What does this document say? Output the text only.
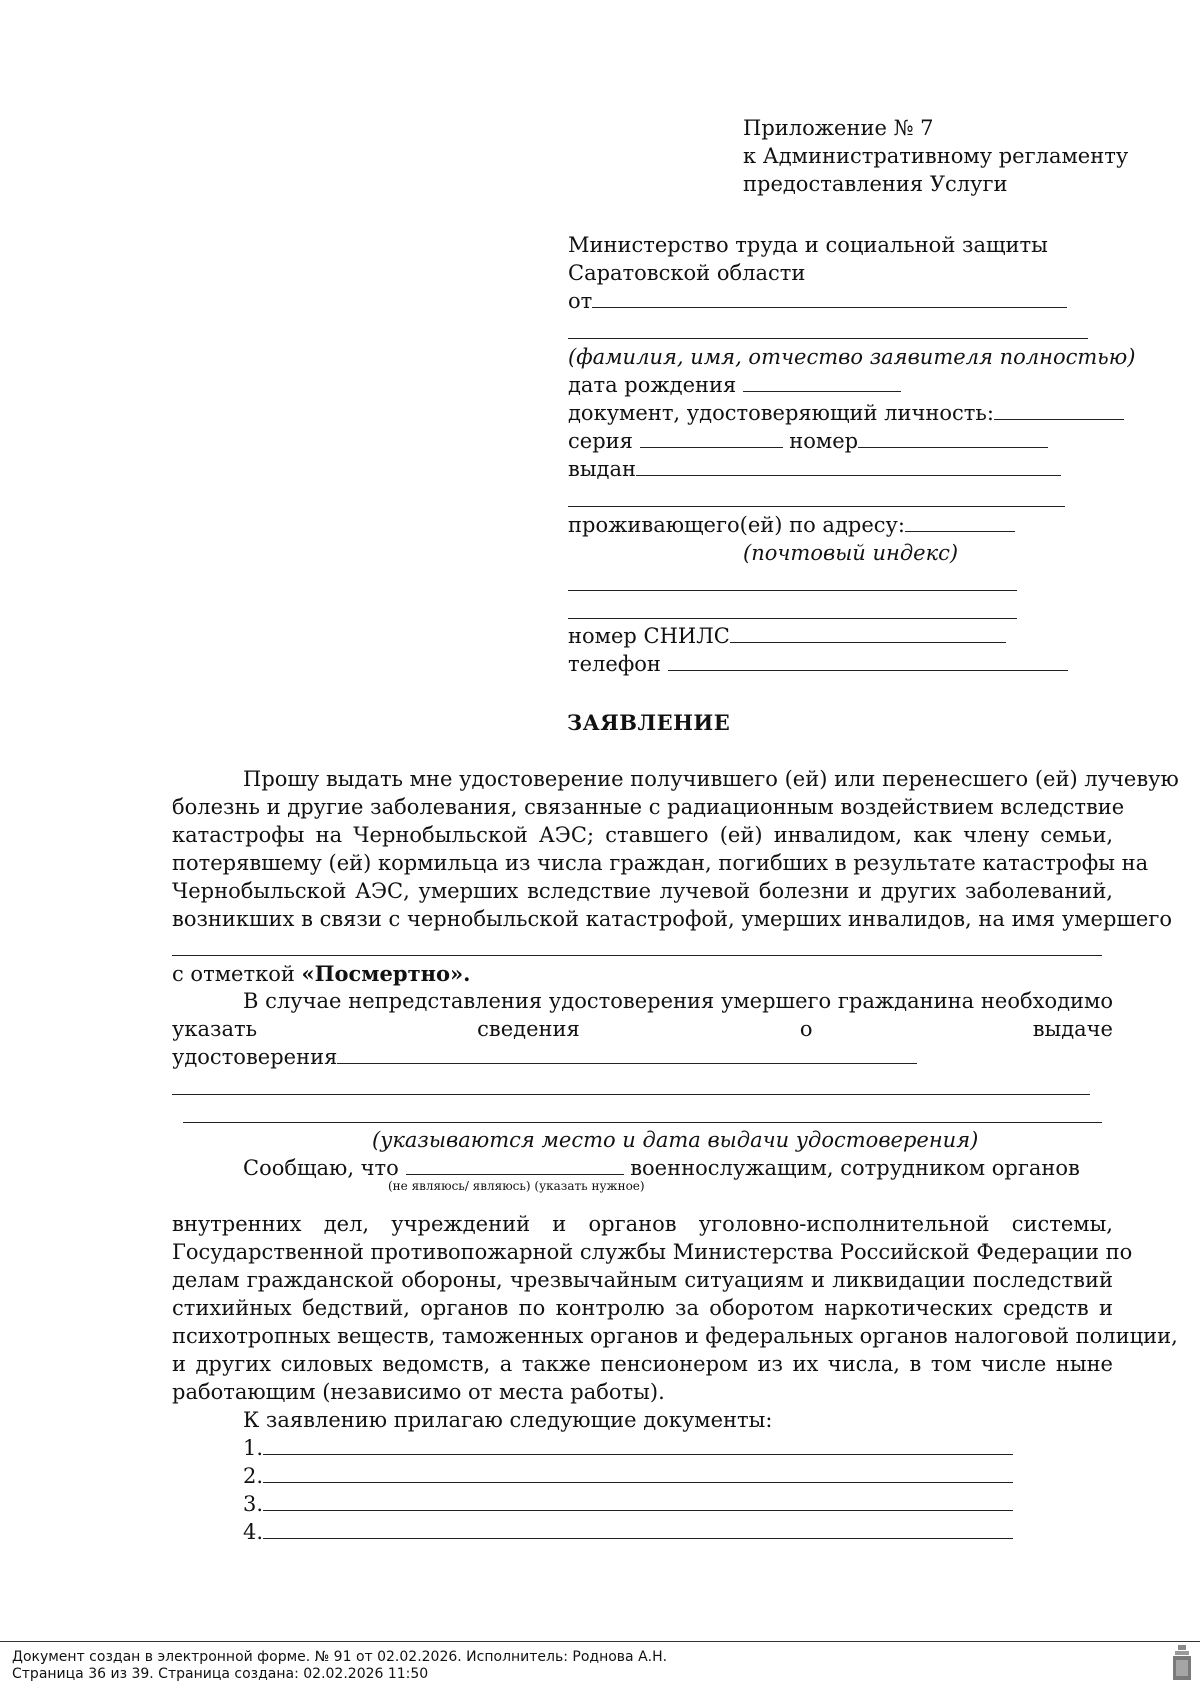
Приложение № 7
к Административному регламенту
предоставления Услуги
Министерство труда и социальной защиты
Саратовской области
от
(фамилия, имя, отчество заявителя полностью)
дата рождения
документ, удостоверяющий личность:
серия	номер
выдан
проживающего(ей) по адресу:
(почтовый индекс)
номер СНИЛС
телефон
ЗАЯВЛЕНИЕ
Прошу выдать мне удостоверение получившего (ей) или перенесшего (ей) лучевую
болезнь и другие заболевания, связанные с радиационным воздействием вследствие
катастрофы на Чернобыльской АЭС; ставшего (ей) инвалидом, как члену семьи,
потерявшему (ей) кормильца из числа граждан, погибших в результате катастрофы на
Чернобыльской АЭС, умерших вследствие лучевой болезни и других заболеваний,
возникших в связи с чернобыльской катастрофой, умерших инвалидов, на имя умершего
с отметкой «Посмертно».
В случае непредставления удостоверения умершего гражданина необходимо
указать	сведения	о	выдаче
удостоверения
(указываются место и дата выдачи удостоверения)
Сообщаю, что	военнослужащим, сотрудником органов
(не являюсь/ являюсь) (указать нужное)
внутренних дел, учреждений и органов уголовно-исполнительной системы,
Государственной противопожарной службы Министерства Российской Федерации по
делам гражданской обороны, чрезвычайным ситуациям и ликвидации последствий
стихийных бедствий, органов по контролю за оборотом наркотических средств и
психотропных веществ, таможенных органов и федеральных органов налоговой полиции,
и других силовых ведомств, а также пенсионером из их числа, в том числе ныне
работающим (независимо от места работы).
К заявлению прилагаю следующие документы:
1.
2.
3.
4.
Документ создан в электронной форме. № 91 от 02.02.2026. Исполнитель: Роднова А.Н.
Страница 36 из 39. Страница создана: 02.02.2026 11:50
